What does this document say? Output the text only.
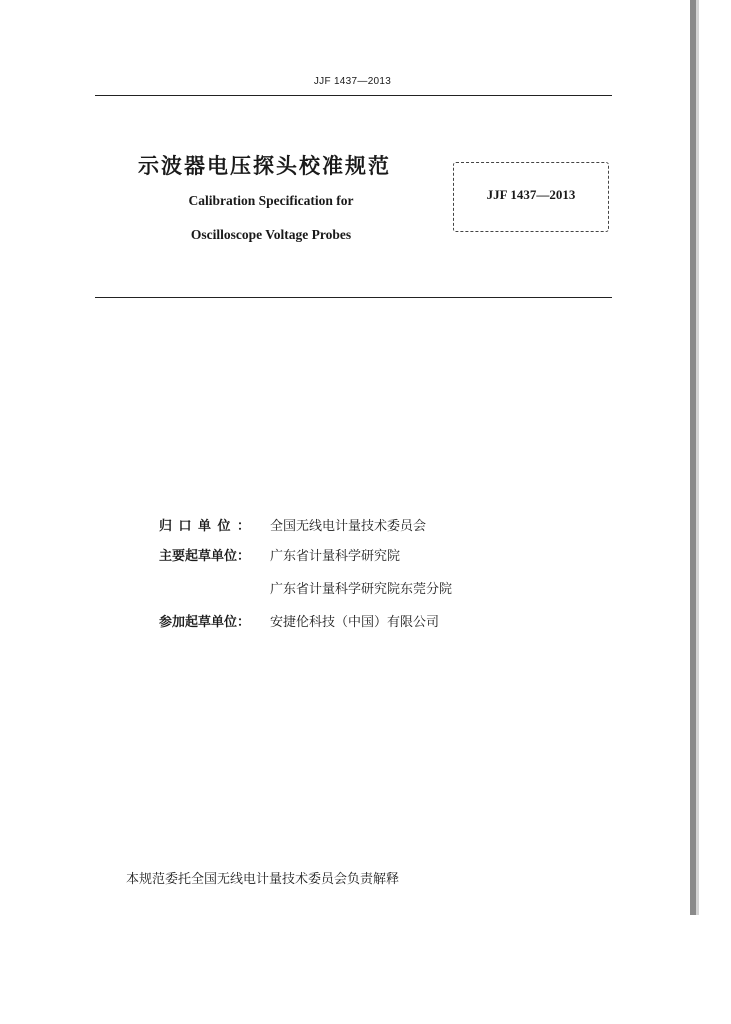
JJF 1437—2013
示波器电压探头校准规范
Calibration Specification for
Oscilloscope Voltage Probes
JJF 1437—2013
归口单位： 全国无线电计量技术委员会
主要起草单位：	广东省计量科学研究院
广东省计量科学研究院东莞分院
参加起草单位：	安捷伦科技（中国）有限公司
本规范委托全国无线电计量技术委员会负责解释
